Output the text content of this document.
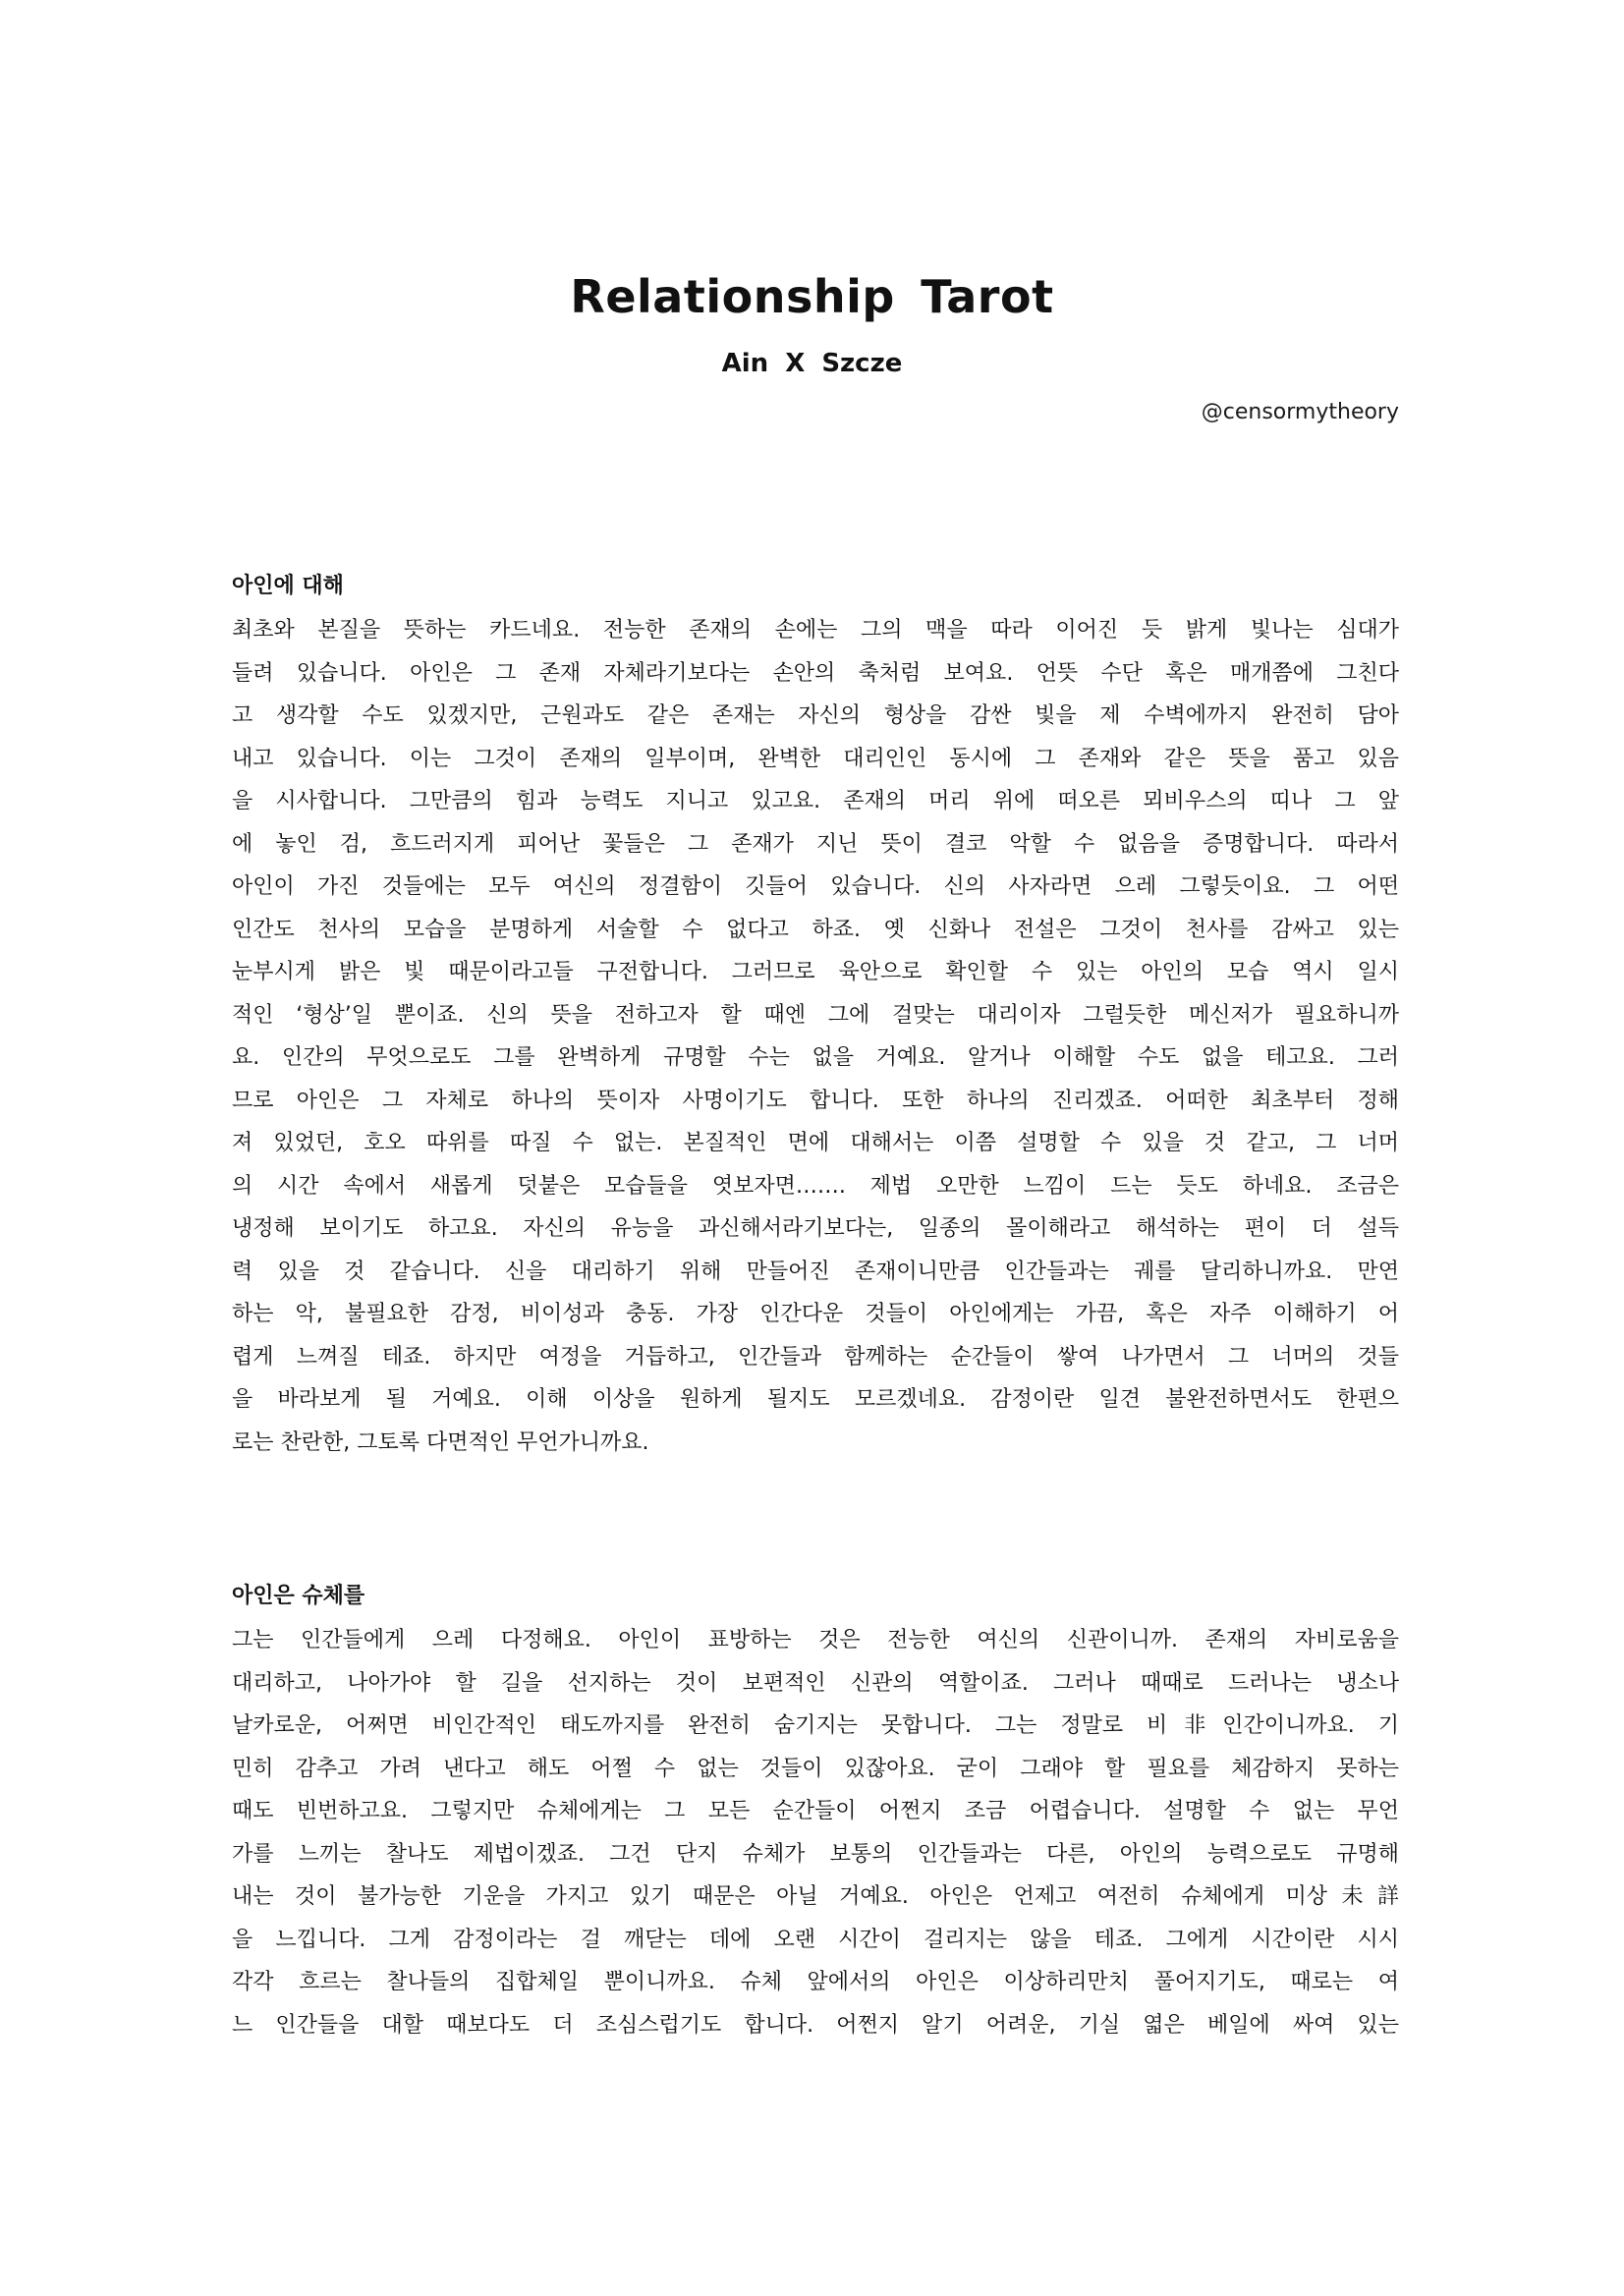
Relationship Tarot
Ain X Szcze
@censormytheory
아인에 대해
최초와 본질을 뜻하는 카드네요. 전능한 존재의 손에는 그의 맥을 따라 이어진 듯 밝게 빛나는 심대가
들려 있습니다. 아인은 그 존재 자체라기보다는 손안의 축처럼 보여요. 언뜻 수단 혹은 매개쯤에 그친다
고 생각할 수도 있겠지만, 근원과도 같은 존재는 자신의 형상을 감싼 빛을 제 수벽에까지 완전히 담아
내고 있습니다. 이는 그것이 존재의 일부이며, 완벽한 대리인인 동시에 그 존재와 같은 뜻을 품고 있음
을 시사합니다. 그만큼의 힘과 능력도 지니고 있고요. 존재의 머리 위에 떠오른 뫼비우스의 띠나 그 앞
에 놓인 검, 흐드러지게 피어난 꽃들은 그 존재가 지닌 뜻이 결코 악할 수 없음을 증명합니다. 따라서
아인이 가진 것들에는 모두 여신의 정결함이 깃들어 있습니다. 신의 사자라면 으레 그렇듯이요. 그 어떤
인간도 천사의 모습을 분명하게 서술할 수 없다고 하죠. 옛 신화나 전설은 그것이 천사를 감싸고 있는
눈부시게 밝은 빛 때문이라고들 구전합니다. 그러므로 육안으로 확인할 수 있는 아인의 모습 역시 일시
적인 ‘형상’일 뿐이죠. 신의 뜻을 전하고자 할 때엔 그에 걸맞는 대리이자 그럴듯한 메신저가 필요하니까
요. 인간의 무엇으로도 그를 완벽하게 규명할 수는 없을 거예요. 알거나 이해할 수도 없을 테고요. 그러
므로 아인은 그 자체로 하나의 뜻이자 사명이기도 합니다. 또한 하나의 진리겠죠. 어떠한 최초부터 정해
져 있었던, 호오 따위를 따질 수 없는. 본질적인 면에 대해서는 이쯤 설명할 수 있을 것 같고, 그 너머
의 시간 속에서 새롭게 덧붙은 모습들을 엿보자면……. 제법 오만한 느낌이 드는 듯도 하네요. 조금은
냉정해 보이기도 하고요. 자신의 유능을 과신해서라기보다는, 일종의 몰이해라고 해석하는 편이 더 설득
력 있을 것 같습니다. 신을 대리하기 위해 만들어진 존재이니만큼 인간들과는 궤를 달리하니까요. 만연
하는 악, 불필요한 감정, 비이성과 충동. 가장 인간다운 것들이 아인에게는 가끔, 혹은 자주 이해하기 어
렵게 느껴질 테죠. 하지만 여정을 거듭하고, 인간들과 함께하는 순간들이 쌓여 나가면서 그 너머의 것들
을 바라보게 될 거예요. 이해 이상을 원하게 될지도 모르겠네요. 감정이란 일견 불완전하면서도 한편으
로는 찬란한, 그토록 다면적인 무언가니까요.
아인은 슈체를
그는 인간들에게 으레 다정해요. 아인이 표방하는 것은 전능한 여신의 신관이니까. 존재의 자비로움을
대리하고, 나아가야 할 길을 선지하는 것이 보편적인 신관의 역할이죠. 그러나 때때로 드러나는 냉소나
날카로운, 어쩌면 비인간적인 태도까지를 완전히 숨기지는 못합니다. 그는 정말로 비非인간이니까요. 기
민히 감추고 가려 낸다고 해도 어쩔 수 없는 것들이 있잖아요. 굳이 그래야 할 필요를 체감하지 못하는
때도 빈번하고요. 그렇지만 슈체에게는 그 모든 순간들이 어쩐지 조금 어렵습니다. 설명할 수 없는 무언
가를 느끼는 찰나도 제법이겠죠. 그건 단지 슈체가 보통의 인간들과는 다른, 아인의 능력으로도 규명해
내는 것이 불가능한 기운을 가지고 있기 때문은 아닐 거예요. 아인은 언제고 여전히 슈체에게 미상未詳
을 느낍니다. 그게 감정이라는 걸 깨닫는 데에 오랜 시간이 걸리지는 않을 테죠. 그에게 시간이란 시시
각각 흐르는 찰나들의 집합체일 뿐이니까요. 슈체 앞에서의 아인은 이상하리만치 풀어지기도, 때로는 여
느 인간들을 대할 때보다도 더 조심스럽기도 합니다. 어쩐지 알기 어려운, 기실 엷은 베일에 싸여 있는
